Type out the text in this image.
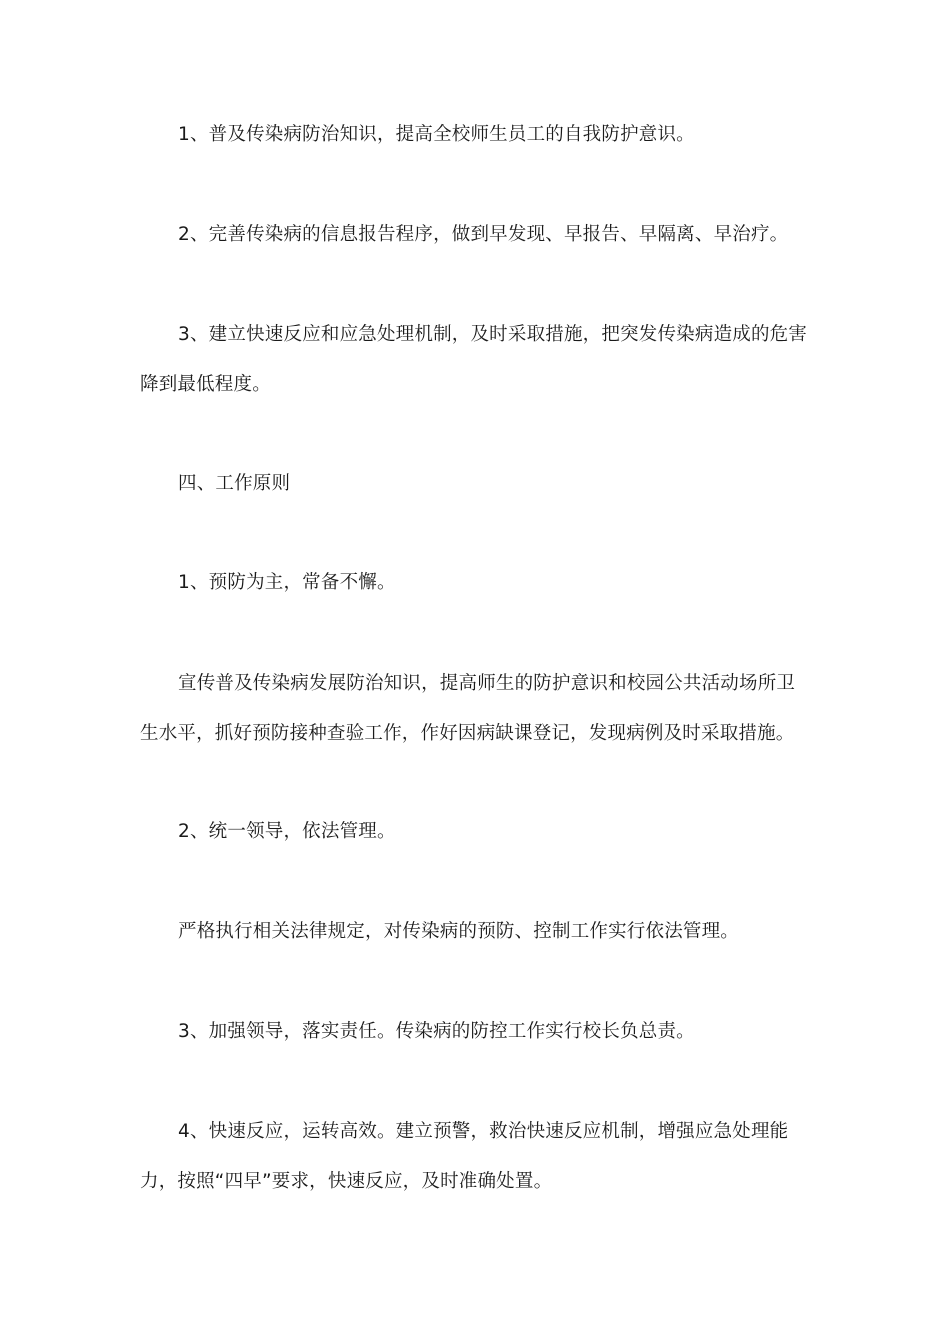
1、普及传染病防治知识，提高全校师生员工的自我防护意识。

2、完善传染病的信息报告程序，做到早发现、早报告、早隔离、早治疗。

3、建立快速反应和应急处理机制，及时采取措施，把突发传染病造成的危害降到最低程度。

四、工作原则

1、预防为主，常备不懈。

宣传普及传染病发展防治知识，提高师生的防护意识和校园公共活动场所卫生水平，抓好预防接种查验工作，作好因病缺课登记，发现病例及时采取措施。

2、统一领导，依法管理。

严格执行相关法律规定，对传染病的预防、控制工作实行依法管理。

3、加强领导，落实责任。传染病的防控工作实行校长负总责。

4、快速反应，运转高效。建立预警，救治快速反应机制，增强应急处理能力，按照“四早”要求，快速反应，及时准确处置。
